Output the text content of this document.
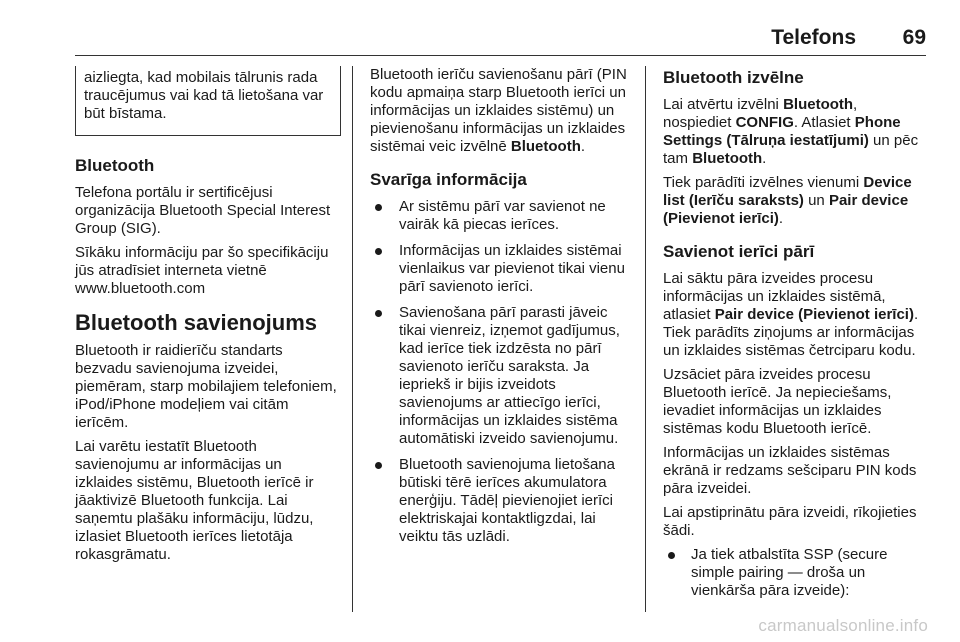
Telefons 69

aizliegta, kad mobilais tālrunis rada traucējumus vai kad tā lietošana var būt bīstama.

Bluetooth

Telefona portālu ir sertificējusi organizācija Bluetooth Special Interest Group (SIG).

Sīkāku informāciju par šo specifikāciju jūs atradīsiet interneta vietnē www.bluetooth.com

Bluetooth savienojums

Bluetooth ir raidierīču standarts bezvadu savienojuma izveidei, piemēram, starp mobilajiem telefoniem, iPod/iPhone modeļiem vai citām ierīcēm.

Lai varētu iestatīt Bluetooth savienojumu ar informācijas un izklaides sistēmu, Bluetooth ierīcē ir jāaktivizē Bluetooth funkcija. Lai saņemtu plašāku informāciju, lūdzu, izlasiet Bluetooth ierīces lietotāja rokasgrāmatu.

Bluetooth ierīču savienošanu pārī (PIN kodu apmaiņa starp Bluetooth ierīci un informācijas un izklaides sistēmu) un pievienošanu informācijas un izklaides sistēmai veic izvēlnē Bluetooth.

Svarīga informācija
Ar sistēmu pārī var savienot ne vairāk kā piecas ierīces.
Informācijas un izklaides sistēmai vienlaikus var pievienot tikai vienu pārī savienoto ierīci.
Savienošana pārī parasti jāveic tikai vienreiz, izņemot gadījumus, kad ierīce tiek izdzēsta no pārī savienoto ierīču saraksta. Ja iepriekš ir bijis izveidots savienojums ar attiecīgo ierīci, informācijas un izklaides sistēma automātiski izveido savienojumu.
Bluetooth savienojuma lietošana būtiski tērē ierīces akumulatora enerģiju. Tādēļ pievienojiet ierīci elektriskajai kontaktligzdai, lai veiktu tās uzlādi.
Bluetooth izvēlne

Lai atvērtu izvēlni Bluetooth, nospiediet CONFIG. Atlasiet Phone Settings (Tālruņa iestatījumi) un pēc tam Bluetooth.

Tiek parādīti izvēlnes vienumi Device list (Ierīču saraksts) un Pair device (Pievienot ierīci).

Savienot ierīci pārī

Lai sāktu pāra izveides procesu informācijas un izklaides sistēmā, atlasiet Pair device (Pievienot ierīci). Tiek parādīts ziņojums ar informācijas un izklaides sistēmas četrciparu kodu.

Uzsāciet pāra izveides procesu Bluetooth ierīcē. Ja nepieciešams, ievadiet informācijas un izklaides sistēmas kodu Bluetooth ierīcē.

Informācijas un izklaides sistēmas ekrānā ir redzams sešciparu PIN kods pāra izveidei.

Lai apstiprinātu pāra izveidi, rīkojieties šādi.

Ja tiek atbalstīta SSP (secure simple pairing — droša un vienkārša pāra izveide):
carmanualsonline.info
